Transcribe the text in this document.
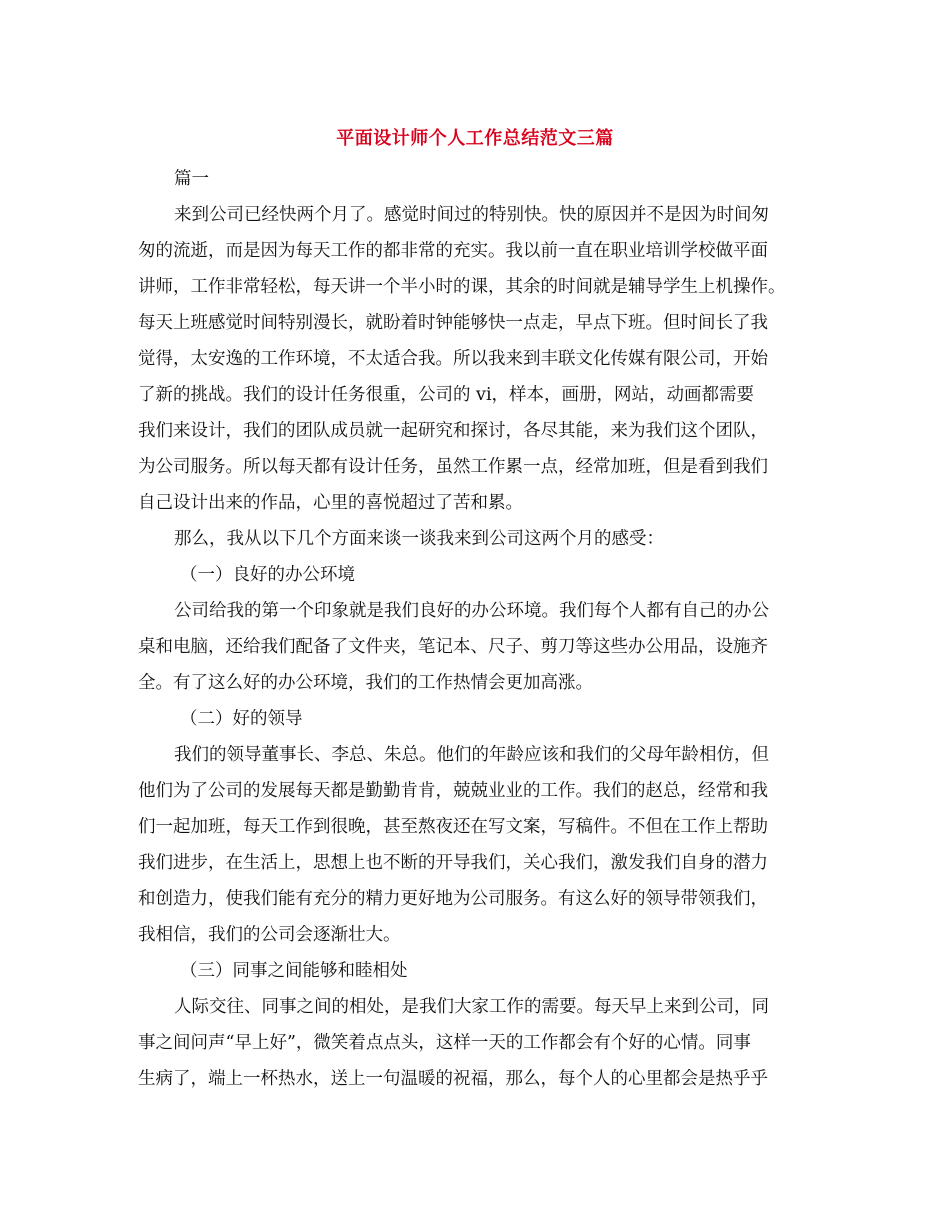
平面设计师个人工作总结范文三篇
篇一
来到公司已经快两个月了。感觉时间过的特别快。快的原因并不是因为时间匆
匆的流逝，而是因为每天工作的都非常的充实。我以前一直在职业培训学校做平面
讲师，工作非常轻松，每天讲一个半小时的课，其余的时间就是辅导学生上机操作。
每天上班感觉时间特别漫长，就盼着时钟能够快一点走，早点下班。但时间长了我
觉得，太安逸的工作环境，不太适合我。所以我来到丰联文化传媒有限公司，开始
了新的挑战。我们的设计任务很重，公司的 vi，样本，画册，网站，动画都需要
我们来设计，我们的团队成员就一起研究和探讨，各尽其能，来为我们这个团队，
为公司服务。所以每天都有设计任务，虽然工作累一点，经常加班，但是看到我们
自己设计出来的作品，心里的喜悦超过了苦和累。
那么，我从以下几个方面来谈一谈我来到公司这两个月的感受：
（一）良好的办公环境
公司给我的第一个印象就是我们良好的办公环境。我们每个人都有自己的办公
桌和电脑，还给我们配备了文件夹，笔记本、尺子、剪刀等这些办公用品，设施齐
全。有了这么好的办公环境，我们的工作热情会更加高涨。
（二）好的领导
我们的领导董事长、李总、朱总。他们的年龄应该和我们的父母年龄相仿，但
他们为了公司的发展每天都是勤勤肯肯，兢兢业业的工作。我们的赵总，经常和我
们一起加班，每天工作到很晚，甚至熬夜还在写文案，写稿件。不但在工作上帮助
我们进步，在生活上，思想上也不断的开导我们，关心我们，激发我们自身的潜力
和创造力，使我们能有充分的精力更好地为公司服务。有这么好的领导带领我们，
我相信，我们的公司会逐渐壮大。
（三）同事之间能够和睦相处
人际交往、同事之间的相处，是我们大家工作的需要。每天早上来到公司，同
事之间问声“早上好”，微笑着点点头，这样一天的工作都会有个好的心情。同事
生病了，端上一杯热水，送上一句温暖的祝福，那么，每个人的心里都会是热乎乎
